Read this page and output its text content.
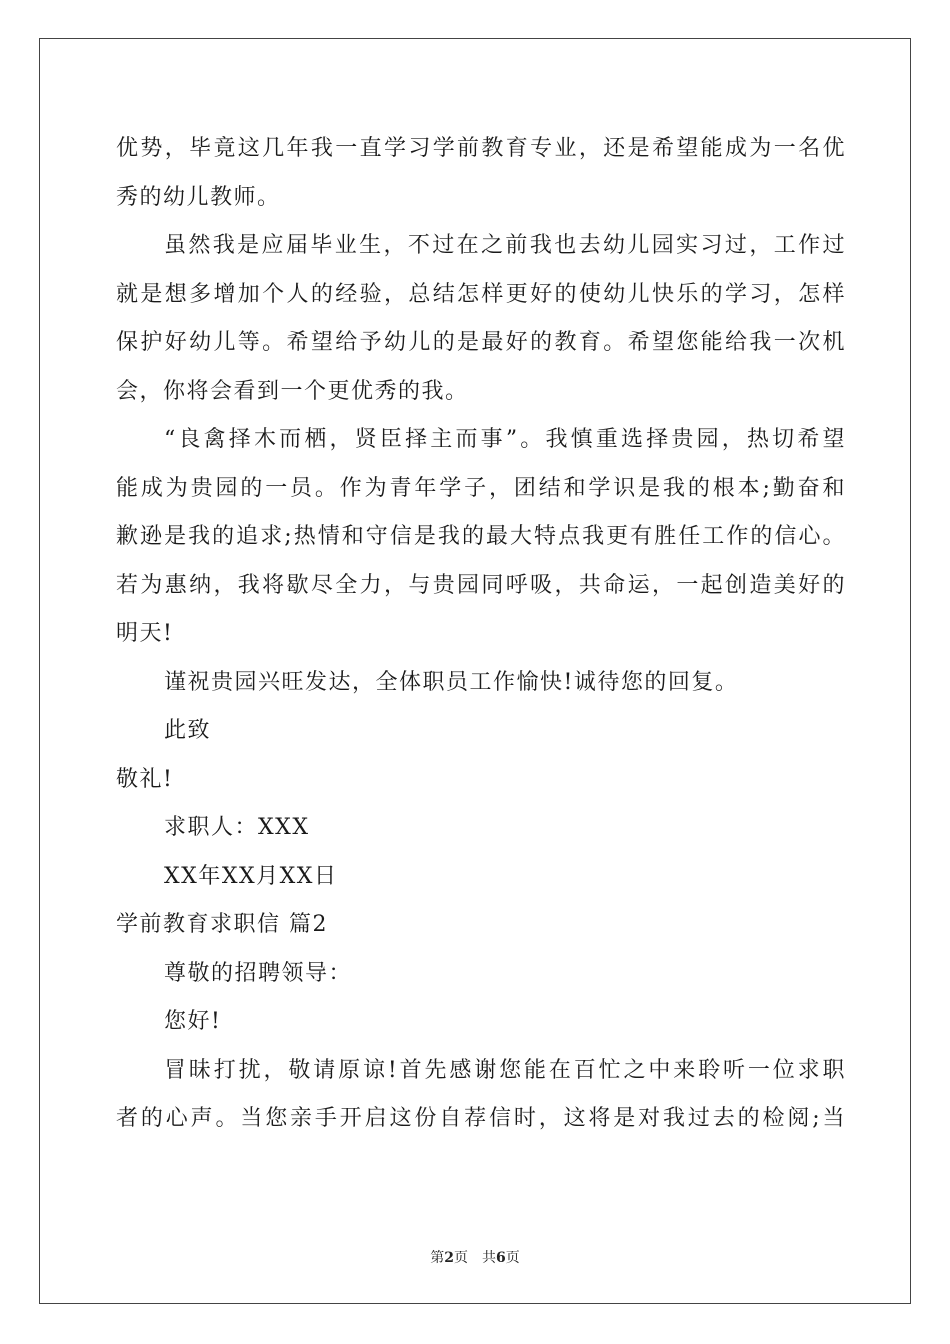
优势，毕竟这几年我一直学习学前教育专业，还是希望能成为一名优
秀的幼儿教师。
虽然我是应届毕业生，不过在之前我也去幼儿园实习过，工作过
就是想多增加个人的经验，总结怎样更好的使幼儿快乐的学习，怎样
保护好幼儿等。希望给予幼儿的是最好的教育。希望您能给我一次机
会，你将会看到一个更优秀的我。
“良禽择木而栖，贤臣择主而事”。我慎重选择贵园，热切希望
能成为贵园的一员。作为青年学子，团结和学识是我的根本;勤奋和
歉逊是我的追求;热情和守信是我的最大特点我更有胜任工作的信心。
若为惠纳，我将歇尽全力，与贵园同呼吸，共命运，一起创造美好的
明天!
谨祝贵园兴旺发达，全体职员工作愉快!诚待您的回复。
此致
敬礼!
求职人：XXX
XX年XX月XX日
学前教育求职信 篇2
尊敬的招聘领导：
您好!
冒昧打扰，敬请原谅!首先感谢您能在百忙之中来聆听一位求职
者的心声。当您亲手开启这份自荐信时，这将是对我过去的检阅;当
第2页 共6页
